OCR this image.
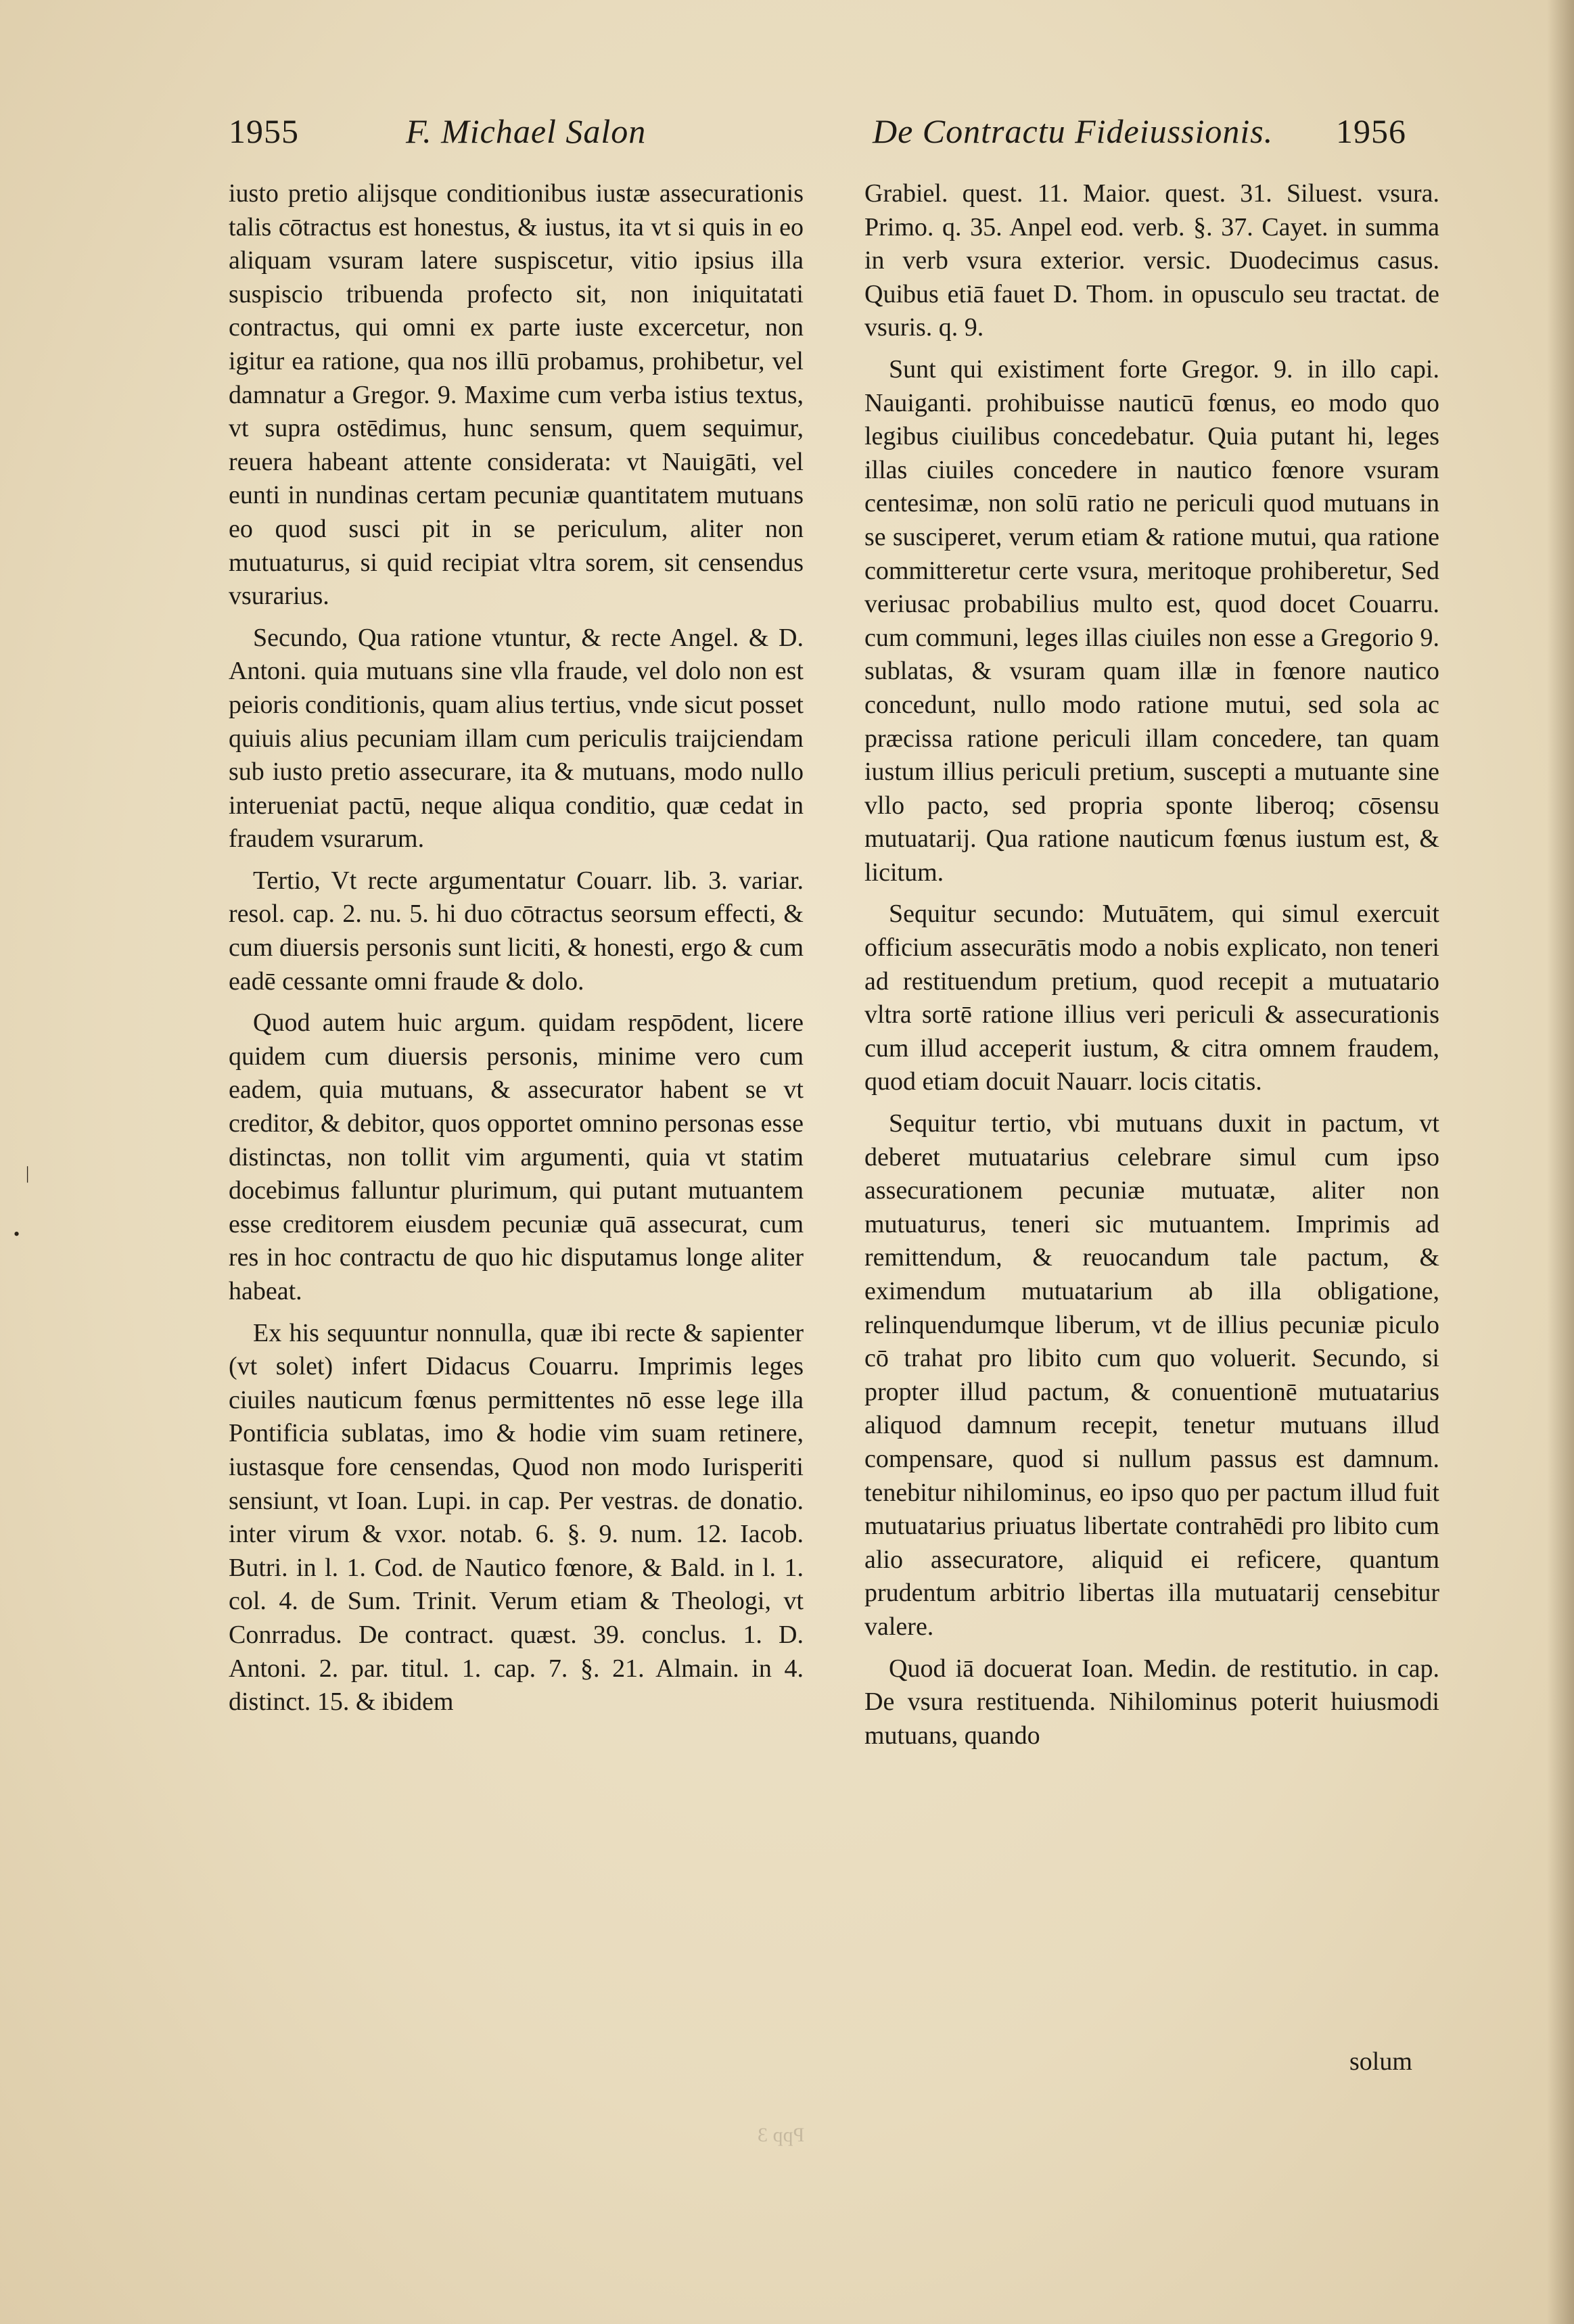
1955	F. Michael Salon	De Contractu Fideiussionis. 1956

iusto pretio alijsque conditionibus iustæ assecurationis talis cōtractus est honestus, & iustus, ita vt si quis in eo aliquam vsuram latere suspiscetur, vitio ipsius illa suspiscio tribuenda profecto sit, non iniquitatati contractus, qui omni ex parte iuste excercetur, non igitur ea ratione, qua nos illū probamus, prohibetur, vel damnatur a Gregor. 9. Maxime cum verba istius textus, vt supra ostēdimus, hunc sensum, quem sequimur, reuera habeant attente considerata: vt Nauigāti, vel eunti in nundinas certam pecuniæ quantitatem mutuans eo quod susci pit in se periculum, aliter non mutuaturus, si quid recipiat vltra sorem, sit censendus vsurarius.

Secundo, Qua ratione vtuntur, & recte Angel. & D. Antoni. quia mutuans sine vlla fraude, vel dolo non est peioris conditionis, quam alius tertius, vnde sicut posset quiuis alius pecuniam illam cum periculis traijciendam sub iusto pretio assecurare, ita & mutuans, modo nullo interueniat pactū, neque aliqua conditio, quæ cedat in fraudem vsurarum.

Tertio, Vt recte argumentatur Couarr. lib. 3. variar. resol. cap. 2. nu. 5. hi duo cōtractus seorsum effecti, & cum diuersis personis sunt liciti, & honesti, ergo & cum eadē cessante omni fraude & dolo.

Quod autem huic argum. quidam respōdent, licere quidem cum diuersis personis, minime vero cum eadem, quia mutuans, & assecurator habent se vt creditor, & debitor, quos opportet omnino personas esse distinctas, non tollit vim argumenti, quia vt statim docebimus falluntur plurimum, qui putant mutuantem esse creditorem eiusdem pecuniæ quā assecurat, cum res in hoc contractu de quo hic disputamus longe aliter habeat.

Ex his sequuntur nonnulla, quæ ibi recte & sapienter (vt solet) infert Didacus Couarru. Imprimis leges ciuiles nauticum fœnus permittentes nō esse lege illa Pontificia sublatas, imo & hodie vim suam retinere, iustasque fore censendas, Quod non modo Iurisperiti sensiunt, vt Ioan. Lupi. in cap. Per vestras. de donatio. inter virum & vxor. notab. 6. §. 9. num. 12. Iacob. Butri. in l. 1. Cod. de Nautico fœnore, & Bald. in l. 1. col. 4. de Sum. Trinit. Verum etiam & Theologi, vt Conrradus. De contract. quæst. 39. conclus. 1. D. Antoni. 2. par. titul. 1. cap. 7. §. 21. Almain. in 4. distinct. 15. & ibidem

Grabiel. quest. 11. Maior. quest. 31. Siluest. vsura. Primo. q. 35. Anpel eod. verb. §. 37. Cayet. in summa in verb vsura exterior. versic. Duodecimus casus. Quibus etiā fauet D. Thom. in opusculo seu tractat. de vsuris. q. 9.

Sunt qui existiment forte Gregor. 9. in illo capi. Nauiganti. prohibuisse nauticū fœnus, eo modo quo legibus ciuilibus concedebatur. Quia putant hi, leges illas ciuiles concedere in nautico fœnore vsuram centesimæ, non solū ratio ne periculi quod mutuans in se susciperet, verum etiam & ratione mutui, qua ratione committeretur certe vsura, meritoque prohiberetur, Sed veriusac probabilius multo est, quod docet Couarru. cum communi, leges illas ciuiles non esse a Gregorio 9. sublatas, & vsuram quam illæ in fœnore nautico concedunt, nullo modo ratione mutui, sed sola ac præcissa ratione periculi illam concedere, tan quam iustum illius periculi pretium, suscepti a mutuante sine vllo pacto, sed propria sponte liberoq; cōsensu mutuatarij. Qua ratione nauticum fœnus iustum est, & licitum.

Sequitur secundo: Mutuātem, qui simul exercuit officium assecurātis modo a nobis explicato, non teneri ad restituendum pretium, quod recepit a mutuatario vltra sortē ratione illius veri periculi & assecurationis cum illud acceperit iustum, & citra omnem fraudem, quod etiam docuit Nauarr. locis citatis.

Sequitur tertio, vbi mutuans duxit in pactum, vt deberet mutuatarius celebrare simul cum ipso assecurationem pecuniæ mutuatæ, aliter non mutuaturus, teneri sic mutuantem. Imprimis ad remittendum, & reuocandum tale pactum, & eximendum mutuatarium ab illa obligatione, relinquendumque liberum, vt de illius pecuniæ piculo cō trahat pro libito cum quo voluerit. Secundo, si propter illud pactum, & conuentionē mutuatarius aliquod damnum recepit, tenetur mutuans illud compensare, quod si nullum passus est damnum. tenebitur nihilominus, eo ipso quo per pactum illud fuit mutuatarius priuatus libertate contrahēdi pro libito cum alio assecuratore, aliquid ei reficere, quantum prudentum arbitrio libertas illa mutuatarij censebitur valere.

Quod iā docuerat Ioan. Medin. de restitutio. in cap. De vsura restituenda. Nihilominus poterit huiusmodi mutuans, quando

solum
Ppp 3
|
•
